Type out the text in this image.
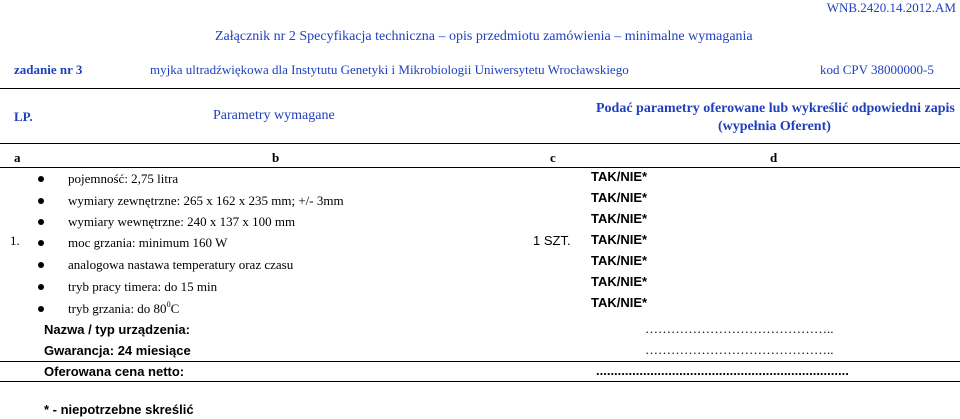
WNB.2420.14.2012.AM
Załącznik nr 2 Specyfikacja techniczna – opis przedmiotu zamówienia – minimalne wymagania
zadanie nr 3	myjka ultradźwiękowa dla Instytutu Genetyki i Mikrobiologii Uniwersytetu Wrocławskiego	kod CPV 38000000-5
LP.	Parametry wymagane	Podać parametry oferowane lub wykreślić odpowiedni zapis
(wypełnia Oferent)
a	b	c	d
1.	1 SZT.
pojemność: 2,75 litra	TAK/NIE*
wymiary zewnętrzne: 265 x 162 x 235 mm; +/- 3mm	TAK/NIE*
wymiary wewnętrzne: 240 x 137 x 100 mm	TAK/NIE*
moc grzania: minimum 160 W	TAK/NIE*
analogowa nastawa temperatury oraz czasu	TAK/NIE*
tryb pracy timera: do 15 min	TAK/NIE*
tryb grzania: do $80^0C$	TAK/NIE*
Nazwa / typ urządzenia:	……………………………………..
Gwarancja: 24 miesiące	……………………………………..
Oferowana cena netto:	......................................................................
* - niepotrzebne skreślić
